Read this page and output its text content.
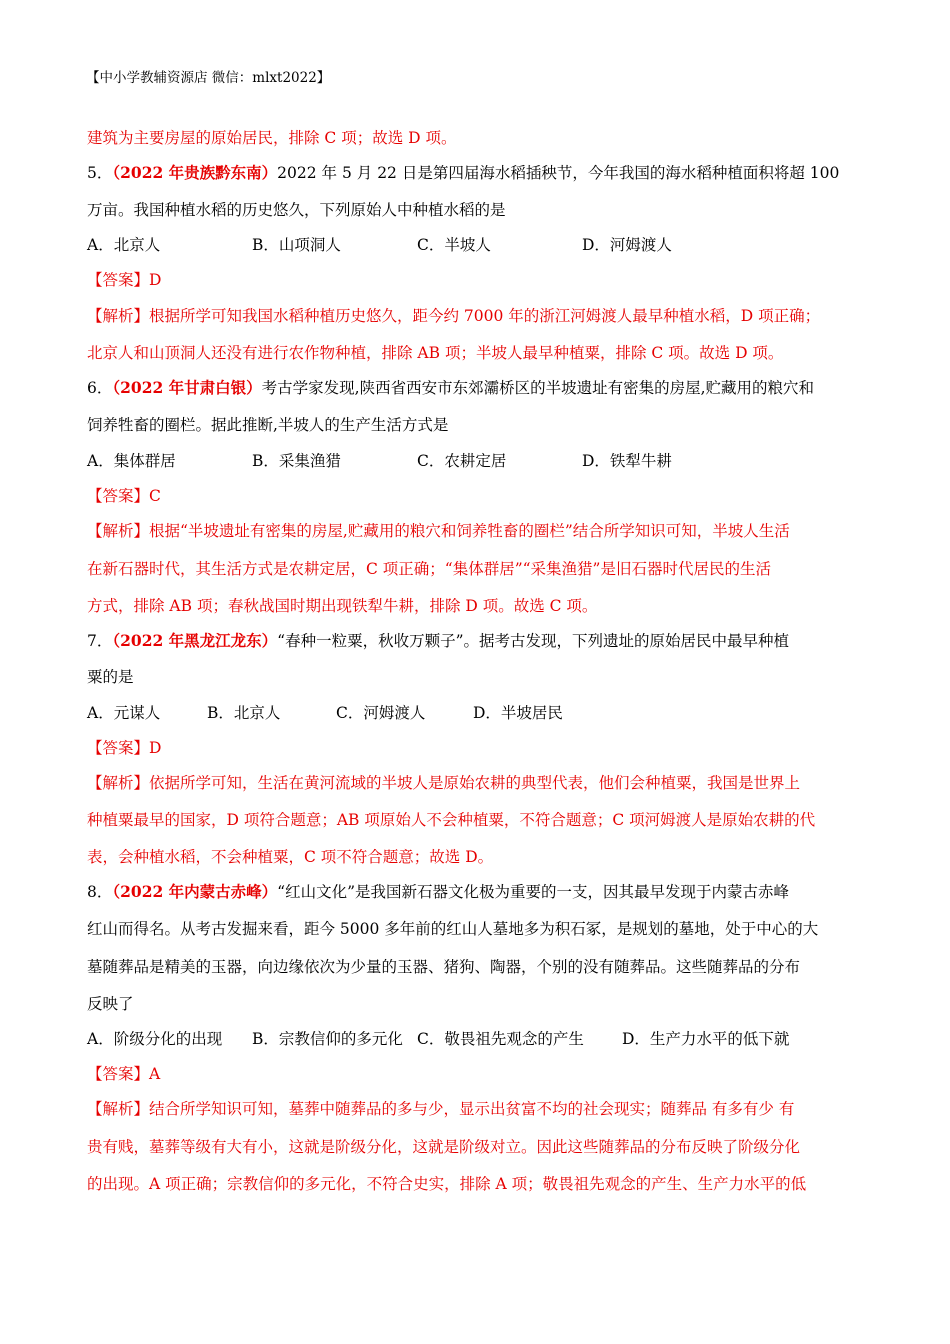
【中小学教辅资源店 微信：mlxt2022】
建筑为主要房屋的原始居民，排除 C 项；故选 D 项。
5．（2022 年贵族黔东南）2022 年 5 月 22 日是第四届海水稻插秧节，今年我国的海水稻种植面积将超 100
万亩。我国种植水稻的历史悠久，下列原始人中种植水稻的是
A．北京人	B．山项洞人	C．半坡人	D．河姆渡人
【答案】D
【解析】根据所学可知我国水稻种植历史悠久，距今约 7000 年的浙江河姆渡人最早种植水稻，D 项正确；
北京人和山顶洞人还没有进行农作物种植，排除 AB 项；半坡人最早种植粟，排除 C 项。故选 D 项。
6．（2022 年甘肃白银）考古学家发现,陕西省西安市东郊灞桥区的半坡遗址有密集的房屋,贮藏用的粮穴和
饲养牲畜的圈栏。据此推断,半坡人的生产生活方式是
A．集体群居	B．采集渔猎	C．农耕定居	D．铁犁牛耕
【答案】C
【解析】根据“半坡遗址有密集的房屋,贮藏用的粮穴和饲养牲畜的圈栏”结合所学知识可知，半坡人生活
在新石器时代，其生活方式是农耕定居，C 项正确；“集体群居”“采集渔猎”是旧石器时代居民的生活
方式，排除 AB 项；春秋战国时期出现铁犁牛耕，排除 D 项。故选 C 项。
7．（2022 年黑龙江龙东）“春种一粒粟，秋收万颗子”。据考古发现，下列遗址的原始居民中最早种植
粟的是
A．元谋人	B．北京人	C．河姆渡人	D．半坡居民
【答案】D
【解析】依据所学可知，生活在黄河流域的半坡人是原始农耕的典型代表，他们会种植粟，我国是世界上
种植粟最早的国家，D 项符合题意；AB 项原始人不会种植粟，不符合题意；C 项河姆渡人是原始农耕的代
表，会种植水稻，不会种植粟，C 项不符合题意；故选 D。
8．（2022 年内蒙古赤峰）“红山文化”是我国新石器文化极为重要的一支，因其最早发现于内蒙古赤峰
红山而得名。从考古发掘来看，距今 5000 多年前的红山人墓地多为积石冢，是规划的墓地，处于中心的大
墓随葬品是精美的玉器，向边缘依次为少量的玉器、猪狗、陶器，个别的没有随葬品。这些随葬品的分布
反映了
A．阶级分化的出现 B．宗教信仰的多元化 C．敬畏祖先观念的产生 D．生产力水平的低下就
【答案】A
【解析】结合所学知识可知，墓葬中随葬品的多与少，显示出贫富不均的社会现实；随葬品 有多有少 有
贵有贱，墓葬等级有大有小，这就是阶级分化，这就是阶级对立。因此这些随葬品的分布反映了阶级分化
的出现。A 项正确；宗教信仰的多元化，不符合史实，排除 A 项；敬畏祖先观念的产生、生产力水平的低
